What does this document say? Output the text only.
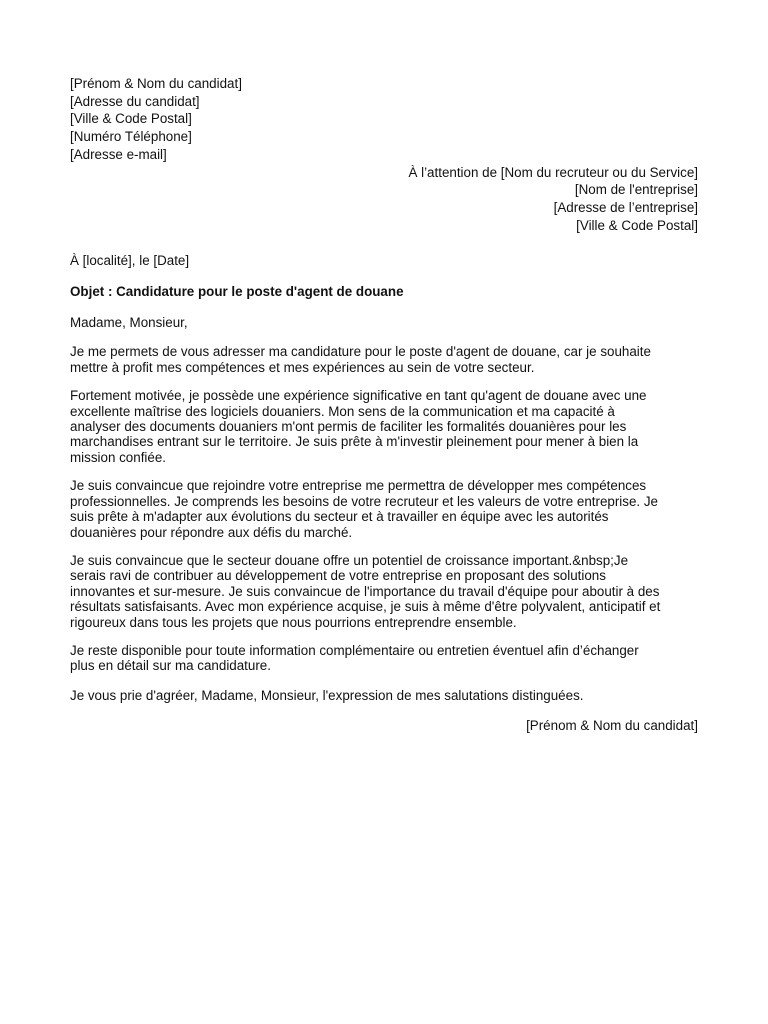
[Prénom & Nom du candidat]
[Adresse du candidat]
[Ville & Code Postal]
[Numéro Téléphone]
[Adresse e-mail]
À l’attention de [Nom du recruteur ou du Service]
[Nom de l'entreprise]
[Adresse de l’entreprise]
[Ville & Code Postal]
À [localité], le [Date]
Objet : Candidature pour le poste d'agent de douane
Madame, Monsieur,
Je me permets de vous adresser ma candidature pour le poste d'agent de douane, car je souhaite
mettre à profit mes compétences et mes expériences au sein de votre secteur.
Fortement motivée, je possède une expérience significative en tant qu'agent de douane avec une
excellente maîtrise des logiciels douaniers. Mon sens de la communication et ma capacité à
analyser des documents douaniers m'ont permis de faciliter les formalités douanières pour les
marchandises entrant sur le territoire. Je suis prête à m'investir pleinement pour mener à bien la
mission confiée.
Je suis convaincue que rejoindre votre entreprise me permettra de développer mes compétences
professionnelles. Je comprends les besoins de votre recruteur et les valeurs de votre entreprise. Je
suis prête à m'adapter aux évolutions du secteur et à travailler en équipe avec les autorités
douanières pour répondre aux défis du marché.
Je suis convaincue que le secteur douane offre un potentiel de croissance important.&nbsp;Je
serais ravi de contribuer au développement de votre entreprise en proposant des solutions
innovantes et sur-mesure. Je suis convaincue de l'importance du travail d'équipe pour aboutir à des
résultats satisfaisants. Avec mon expérience acquise, je suis à même d'être polyvalent, anticipatif et
rigoureux dans tous les projets que nous pourrions entreprendre ensemble.
Je reste disponible pour toute information complémentaire ou entretien éventuel afin d’échanger
plus en détail sur ma candidature.
Je vous prie d'agréer, Madame, Monsieur, l'expression de mes salutations distinguées.
[Prénom & Nom du candidat]
